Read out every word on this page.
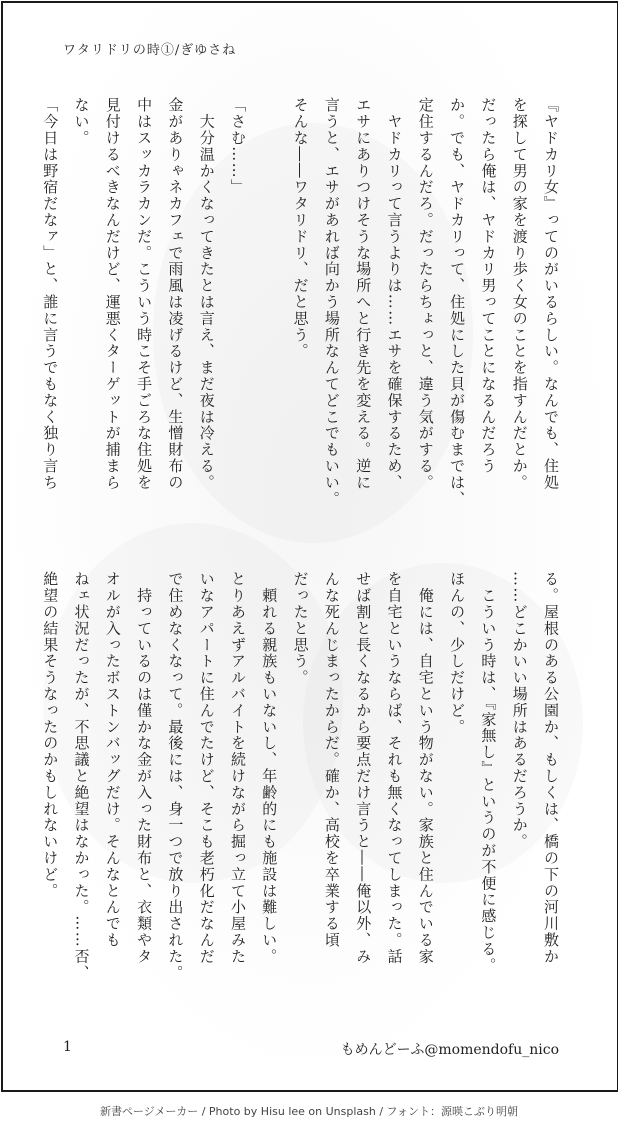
ワタリドリの時①/ぎゆさね
『ヤドカリ女』ってのがいるらしい。なんでも、住処
を探して男の家を渡り歩く女のことを指すんだとか。
だったら俺は、ヤドカリ男ってことになるんだろう
か。でも、ヤドカリって、住処にした貝が傷むまでは、
定住するんだろ。だったらちょっと、違う気がする。
　ヤドカリって言うよりは……エサを確保するため、
エサにありつけそうな場所へと行き先を変える。逆に
言うと、エサがあれば向かう場所なんてどこでもいい。
そんな――ワタリドリ、だと思う。
「さむ……」
　大分温かくなってきたとは言え、まだ夜は冷える。
金がありゃネカフェで雨風は凌げるけど、生憎財布の
中はスッカラカンだ。こういう時こそ手ごろな住処を
見付けるべきなんだけど、運悪くターゲットが捕まら
ない。
「今日は野宿だなァ」と、誰に言うでもなく独り言ち
る。屋根のある公園か、もしくは、橋の下の河川敷か
……どこかいい場所はあるだろうか。
　こういう時は、『家無し』というのが不便に感じる。
ほんの、少しだけど。
　俺には、自宅という物がない。家族と住んでいる家
を自宅というならば、それも無くなってしまった。話
せば割と長くなるから要点だけ言うと――俺以外、み
んな死んじまったからだ。確か、高校を卒業する頃
だったと思う。
　頼れる親族もいないし、年齢的にも施設は難しい。
とりあえずアルバイトを続けながら掘っ立て小屋みた
いなアパートに住んでたけど、そこも老朽化だなんだ
で住めなくなって。最後には、身一つで放り出された。
　持っているのは僅かな金が入った財布と、衣類やタ
オルが入ったボストンバッグだけ。そんなとんでも
ねェ状況だったが、不思議と絶望はなかった。……否、
絶望の結果そうなったのかもしれないけど。
1	もめんどーふ@momendofu_nico
新書ページメーカー / Photo by Hisu lee on Unsplash / フォント：源暎こぶり明朝
